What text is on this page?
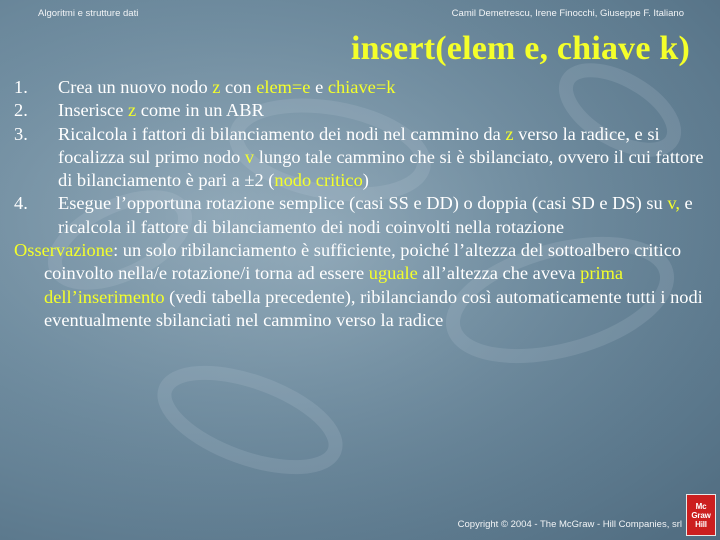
Algoritmi e strutture dati	Camil Demetrescu, Irene Finocchi, Giuseppe F. Italiano
insert(elem e, chiave k)
1.	Crea un nuovo nodo z con elem=e e chiave=k
2.	Inserisce z come in un ABR
3.	Ricalcola i fattori di bilanciamento dei nodi nel cammino da z verso la radice, e si focalizza sul primo nodo v lungo tale cammino che si è sbilanciato, ovvero il cui fattore di bilanciamento è pari a ±2 (nodo critico)
4.	Esegue l’opportuna rotazione semplice (casi SS e DD) o doppia (casi SD e DS) su v, e ricalcola il fattore di bilanciamento dei nodi coinvolti nella rotazione
Osservazione: un solo ribilanciamento è sufficiente, poiché l’altezza del sottoalbero critico coinvolto nella/e rotazione/i torna ad essere uguale all’altezza che aveva prima dell’inserimento (vedi tabella precedente), ribilanciando così automaticamente tutti i nodi eventualmente sbilanciati nel cammino verso la radice
Copyright © 2004 - The McGraw - Hill Companies, srl
Mc
Graw
Hill
